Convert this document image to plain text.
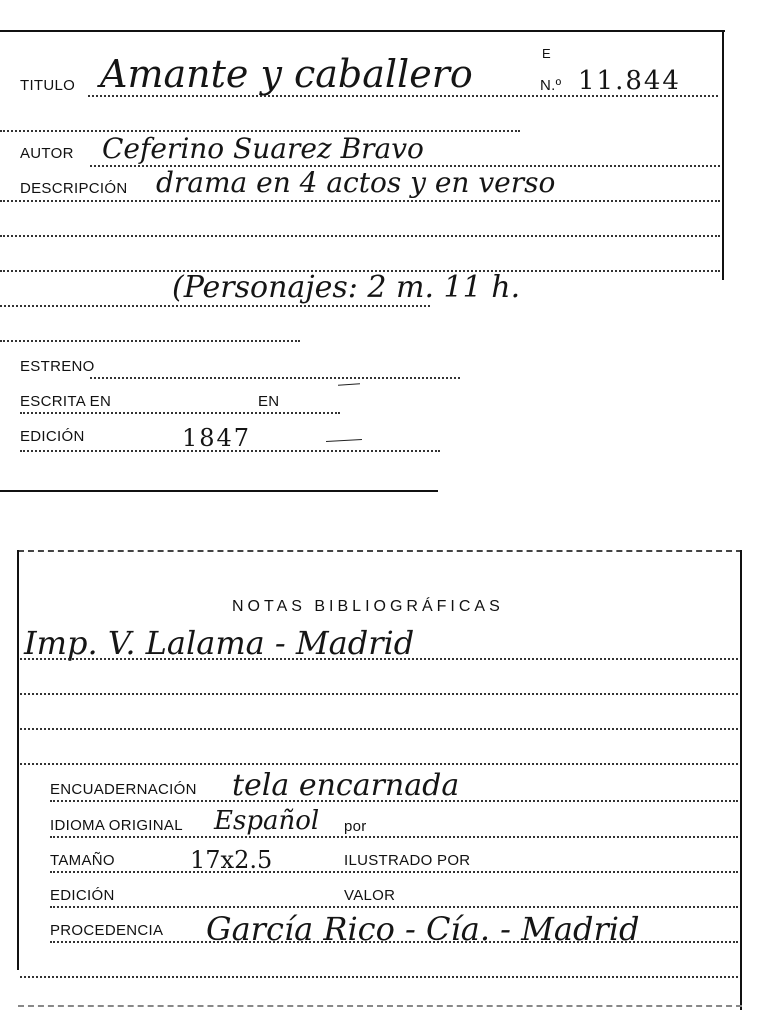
TITULO Amante y caballero	E
N.º 11.844
AUTOR Ceferino Suarez Bravo
DESCRIPCIÓN drama en 4 actos y en verso
(Personajes: 2 m. 11 h.
ESTRENO
ESCRITA EN	EN
EDICIÓN	1847
NOTAS BIBLIOGRÁFICAS
Imp. V. Lalama - Madrid
ENCUADERNACIÓN tela encarnada
IDIOMA ORIGINAL Español por
TAMAÑO	17x2.5	ILUSTRADO POR
EDICIÓN	VALOR
PROCEDENCIA García Rico - Cía. - Madrid
